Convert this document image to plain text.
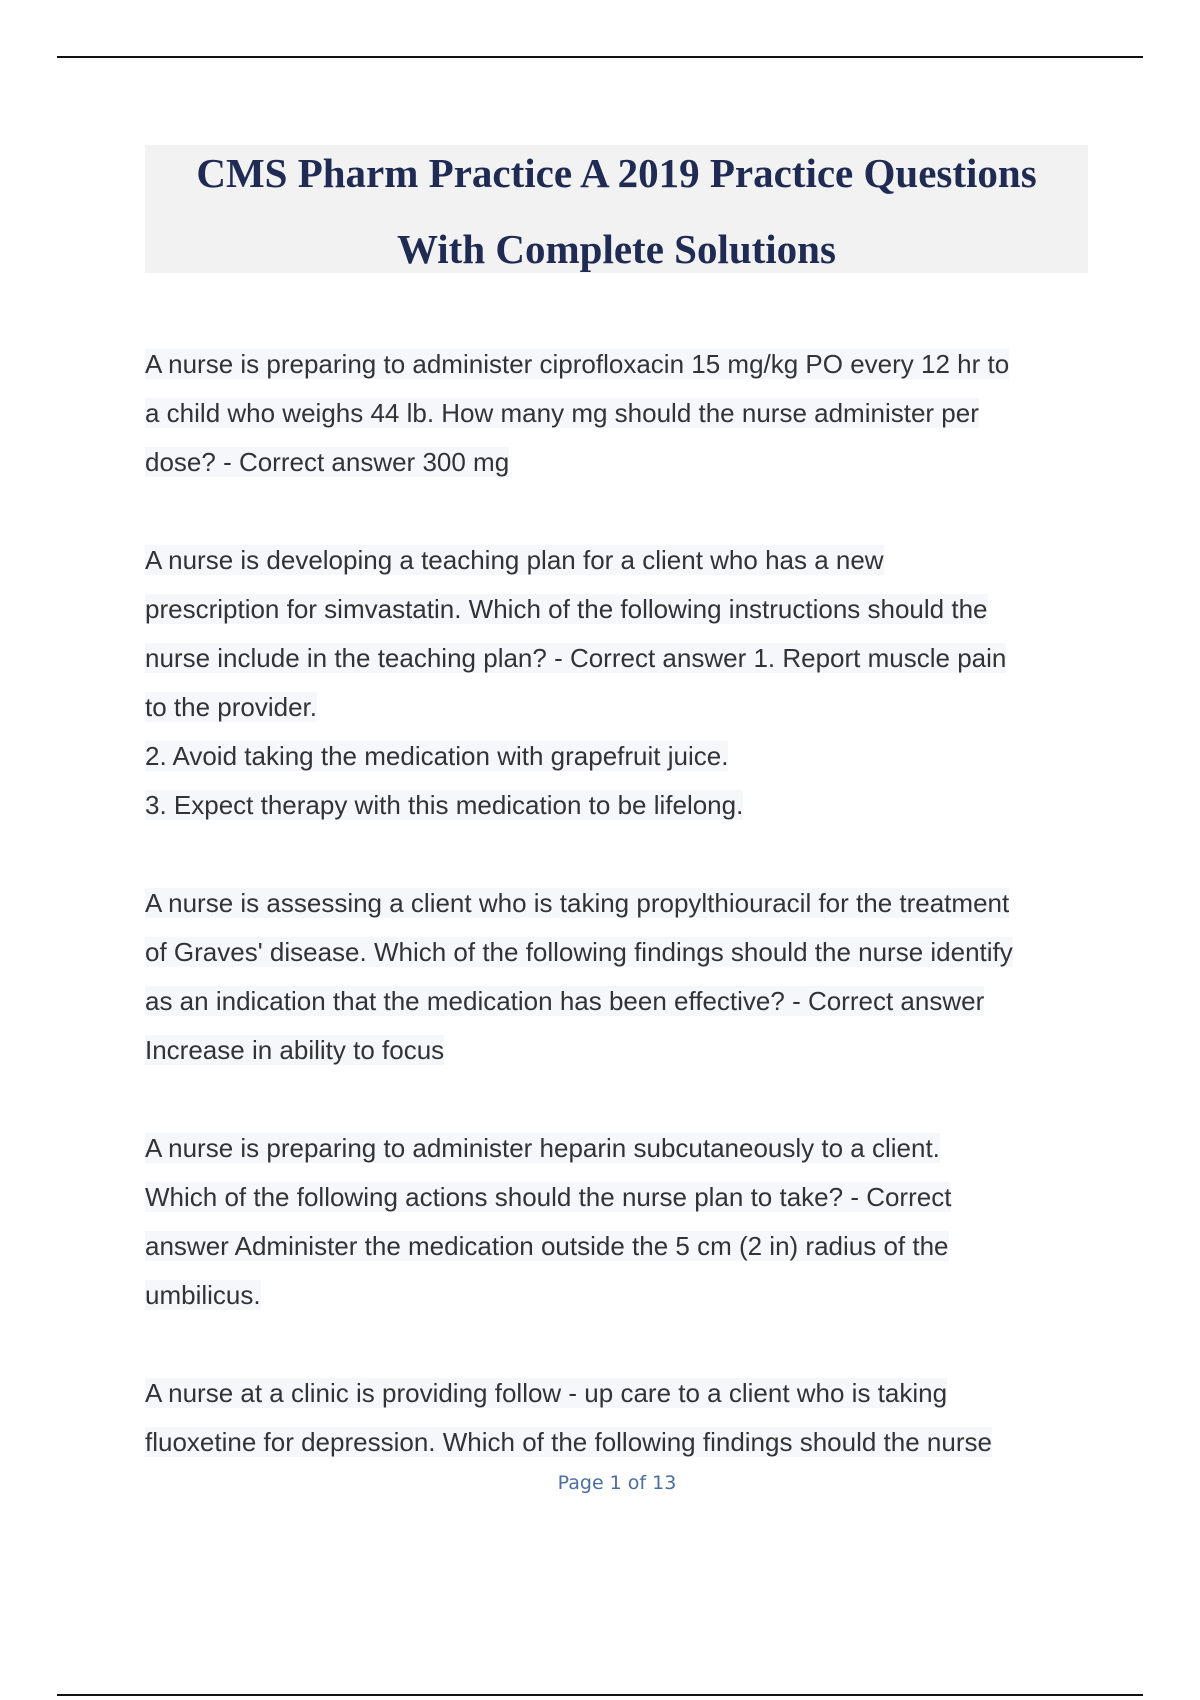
CMS Pharm Practice A 2019 Practice Questions
With Complete Solutions
A nurse is preparing to administer ciprofloxacin 15 mg/kg PO every 12 hr to
a child who weighs 44 lb. How many mg should the nurse administer per
dose? - Correct answer 300 mg
A nurse is developing a teaching plan for a client who has a new
prescription for simvastatin. Which of the following instructions should the
nurse include in the teaching plan? - Correct answer 1. Report muscle pain
to the provider.
2. Avoid taking the medication with grapefruit juice.
3. Expect therapy with this medication to be lifelong.
A nurse is assessing a client who is taking propylthiouracil for the treatment
of Graves' disease. Which of the following findings should the nurse identify
as an indication that the medication has been effective? - Correct answer
Increase in ability to focus
A nurse is preparing to administer heparin subcutaneously to a client.
Which of the following actions should the nurse plan to take? - Correct
answer Administer the medication outside the 5 cm (2 in) radius of the
umbilicus.
A nurse at a clinic is providing follow - up care to a client who is taking
fluoxetine for depression. Which of the following findings should the nurse
Page 1 of 13
